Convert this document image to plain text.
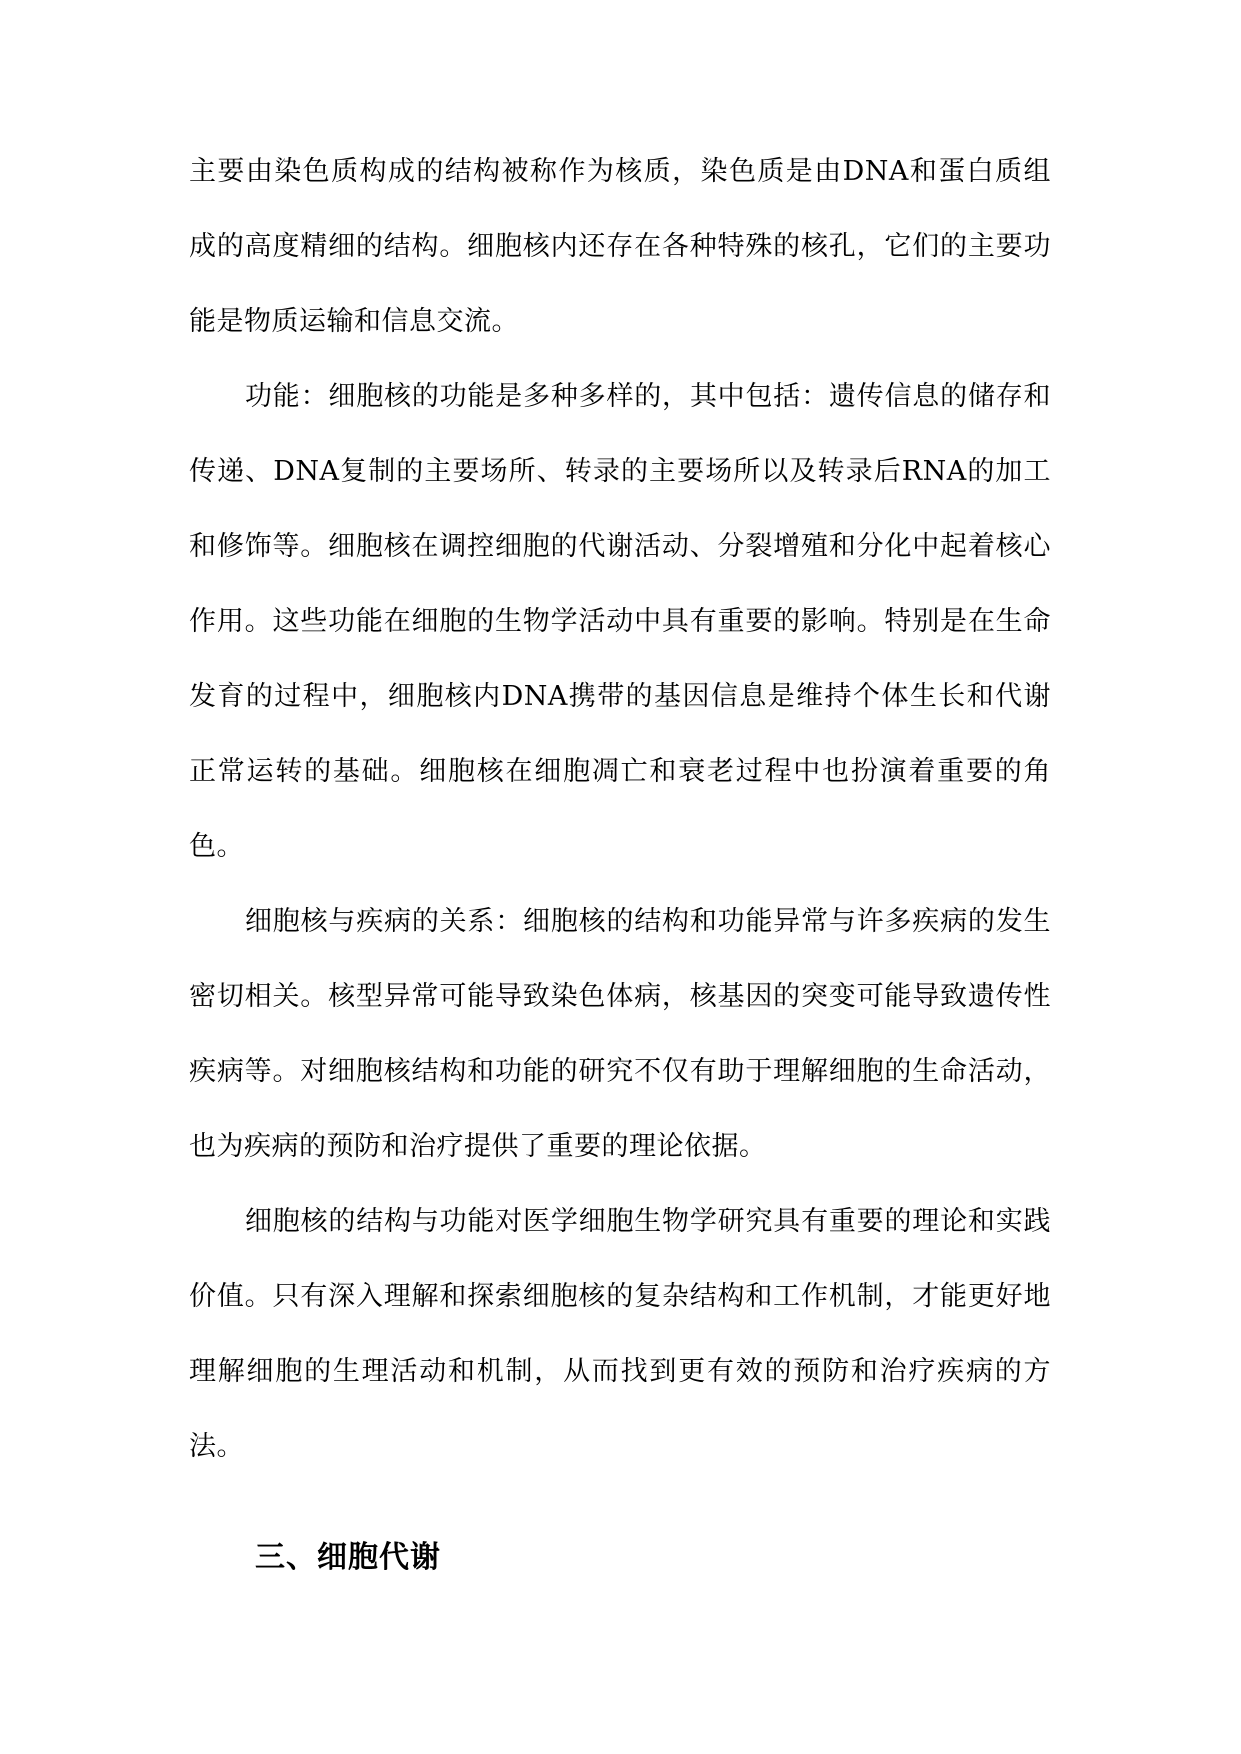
主要由染色质构成的结构被称作为核质，染色质是由DNA和蛋白质组成的高度精细的结构。细胞核内还存在各种特殊的核孔，它们的主要功能是物质运输和信息交流。

功能：细胞核的功能是多种多样的，其中包括：遗传信息的储存和传递、DNA复制的主要场所、转录的主要场所以及转录后RNA的加工和修饰等。细胞核在调控细胞的代谢活动、分裂增殖和分化中起着核心作用。这些功能在细胞的生物学活动中具有重要的影响。特别是在生命发育的过程中，细胞核内DNA携带的基因信息是维持个体生长和代谢正常运转的基础。细胞核在细胞凋亡和衰老过程中也扮演着重要的角色。

细胞核与疾病的关系：细胞核的结构和功能异常与许多疾病的发生密切相关。核型异常可能导致染色体病，核基因的突变可能导致遗传性疾病等。对细胞核结构和功能的研究不仅有助于理解细胞的生命活动，也为疾病的预防和治疗提供了重要的理论依据。

细胞核的结构与功能对医学细胞生物学研究具有重要的理论和实践价值。只有深入理解和探索细胞核的复杂结构和工作机制，才能更好地理解细胞的生理活动和机制，从而找到更有效的预防和治疗疾病的方法。

三、细胞代谢
